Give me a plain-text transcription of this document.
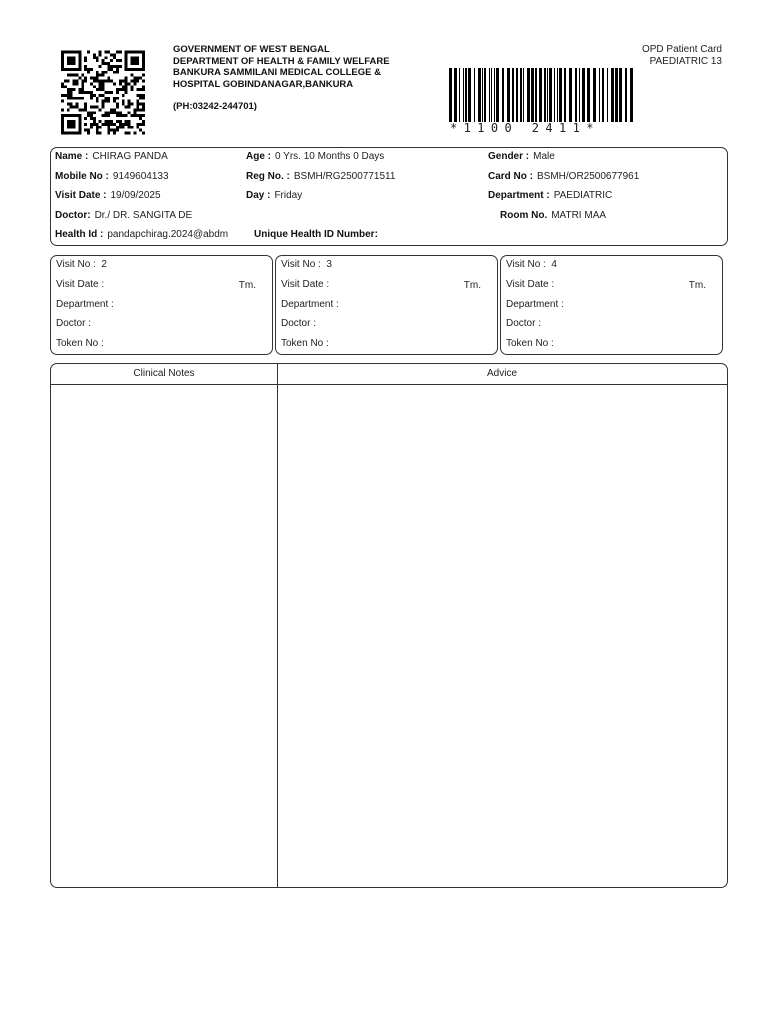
GOVERNMENT OF WEST BENGAL
DEPARTMENT OF HEALTH & FAMILY WELFARE
BANKURA SAMMILANI MEDICAL COLLEGE &
HOSPITAL GOBINDANAGAR,BANKURA
(PH:03242-244701)
OPD Patient Card
PAEDIATRIC 13
*1100 2411*
Name : CHIRAG PANDA	Age : 0 Yrs. 10 Months 0 Days	Gender : Male
Mobile No : 9149604133	Reg No. : BSMH/RG2500771511	Card No : BSMH/OR2500677961
Visit Date : 19/09/2025	Day : Friday	Department : PAEDIATRIC
Doctor: Dr./ DR. SANGITA DE	Room No. MATRI MAA
Health Id : pandapchirag.2024@abdm	Unique Health ID Number:
Visit No : 2
Visit Date :	Tm.
Department :
Doctor :
Token No :
Visit No : 3
Visit Date :	Tm.
Department :
Doctor :
Token No :
Visit No : 4
Visit Date :	Tm.
Department :
Doctor :
Token No :
Clinical Notes	Advice
